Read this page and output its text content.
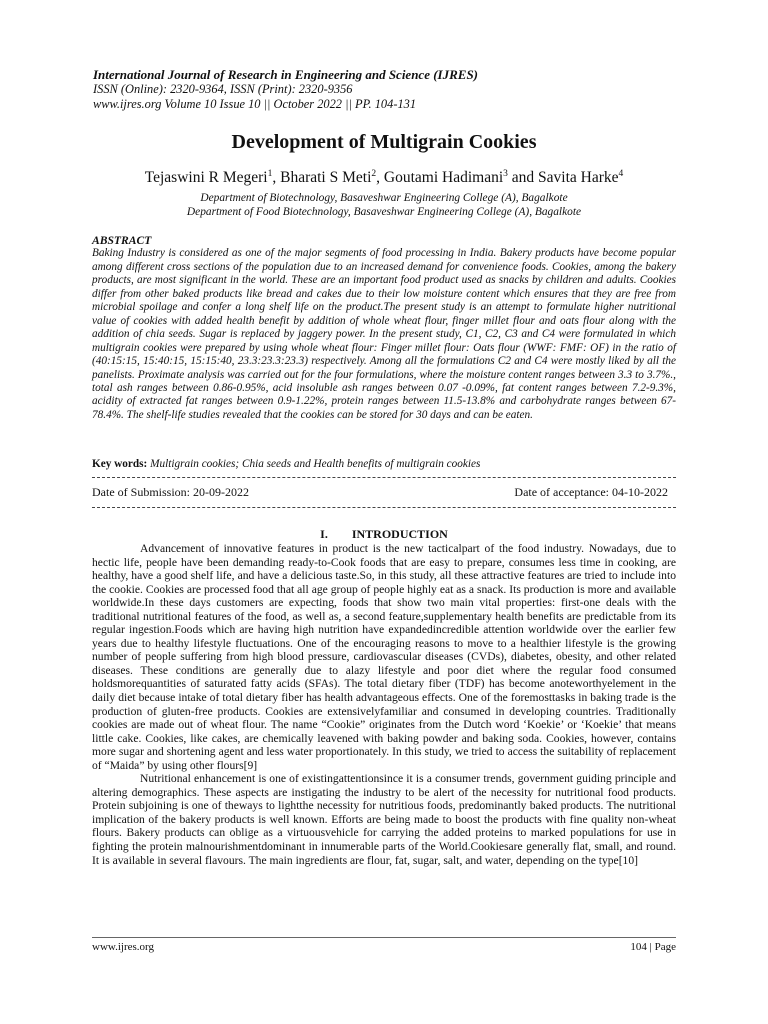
International Journal of Research in Engineering and Science (IJRES)
ISSN (Online): 2320-9364, ISSN (Print): 2320-9356
www.ijres.org Volume 10 Issue 10 || October 2022 || PP. 104-131
Development of Multigrain Cookies
Tejaswini R Megeri$^1$, Bharati S Meti$^2$, Goutami Hadimani$^3$ and Savita Harke$^4$
Department of Biotechnology, Basaveshwar Engineering College (A), Bagalkote
Department of Food Biotechnology, Basaveshwar Engineering College (A), Bagalkote
ABSTRACT
Baking Industry is considered as one of the major segments of food processing in India. Bakery products have become popular among different cross sections of the population due to an increased demand for convenience foods. Cookies, among the bakery products, are most significant in the world. These are an important food product used as snacks by children and adults. Cookies differ from other baked products like bread and cakes due to their low moisture content which ensures that they are free from microbial spoilage and confer a long shelf life on the product.The present study is an attempt to formulate higher nutritional value of cookies with added health benefit by addition of whole wheat flour, finger millet flour and oats flour along with the addition of chia seeds. Sugar is replaced by jaggery power. In the present study, C1, C2, C3 and C4 were formulated in which multigrain cookies were prepared by using whole wheat flour: Finger millet flour: Oats flour (WWF: FMF: OF) in the ratio of (40:15:15, 15:40:15, 15:15:40, 23.3:23.3:23.3) respectively. Among all the formulations C2 and C4 were mostly liked by all the panelists. Proximate analysis was carried out for the four formulations, where the moisture content ranges between 3.3 to 3.7%., total ash ranges between 0.86-0.95%, acid insoluble ash ranges between 0.07 -0.09%, fat content ranges between 7.2-9.3%, acidity of extracted fat ranges between 0.9-1.22%, protein ranges between 11.5-13.8% and carbohydrate ranges between 67- 78.4%. The shelf-life studies revealed that the cookies can be stored for 30 days and can be eaten.
Key words: Multigrain cookies; Chia seeds and Health benefits of multigrain cookies
Date of Submission: 20-09-2022	Date of acceptance: 04-10-2022
I. INTRODUCTION

Advancement of innovative features in product is the new tacticalpart of the food industry. Nowadays, due to hectic life, people have been demanding ready-to-Cook foods that are easy to prepare, consumes less time in cooking, are healthy, have a good shelf life, and have a delicious taste.So, in this study, all these attractive features are tried to include into the cookie. Cookies are processed food that all age group of people highly eat as a snack. Its production is more and available worldwide.In these days customers are expecting, foods that show two main vital properties: first-one deals with the traditional nutritional features of the food, as well as, a second feature,supplementary health benefits are predictable from its regular ingestion.Foods which are having high nutrition have expandedincredible attention worldwide over the earlier few years due to healthy lifestyle fluctuations. One of the encouraging reasons to move to a healthier lifestyle is the growing number of people suffering from high blood pressure, cardiovascular diseases (CVDs), diabetes, obesity, and other related diseases. These conditions are generally due to alazy lifestyle and poor diet where the regular food consumed holdsmorequantities of saturated fatty acids (SFAs). The total dietary fiber (TDF) has become anoteworthyelement in the daily diet because intake of total dietary fiber has health advantageous effects. One of the foremosttasks in baking trade is the production of gluten-free products. Cookies are extensivelyfamiliar and consumed in developing countries. Traditionally cookies are made out of wheat flour. The name “Cookie” originates from the Dutch word ‘Koekie’ or ‘Koekie’ that means little cake. Cookies, like cakes, are chemically leavened with baking powder and baking soda. Cookies, however, contains more sugar and shortening agent and less water proportionately. In this study, we tried to access the suitability of replacement of “Maida” by using other flours[9]

Nutritional enhancement is one of existingattentionsince it is a consumer trends, government guiding principle and altering demographics. These aspects are instigating the industry to be alert of the necessity for nutritional food products. Protein subjoining is one of theways to lightthe necessity for nutritious foods, predominantly baked products. The nutritional implication of the bakery products is well known. Efforts are being made to boost the products with fine quality non-wheat flours. Bakery products can oblige as a virtuousvehicle for carrying the added proteins to marked populations for use in fighting the protein malnourishmentdominant in innumerable parts of the World.Cookiesare generally flat, small, and round. It is available in several flavours. The main ingredients are flour, fat, sugar, salt, and water, depending on the type[10]

www.ijres.org	104 | Page
